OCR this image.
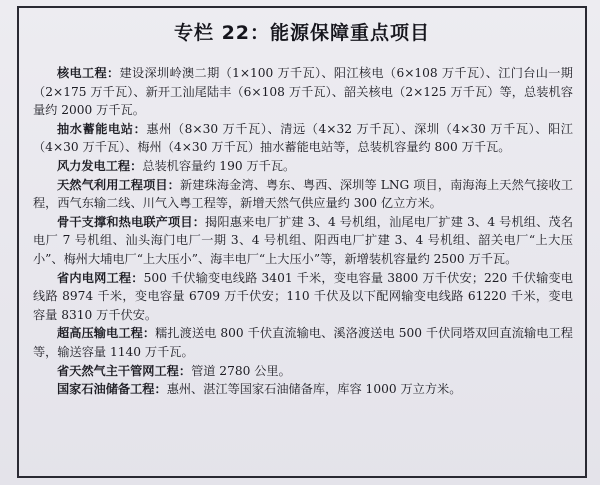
专栏 22：能源保障重点项目

核电工程：建设深圳岭澳二期（1×100 万千瓦）、阳江核电（6×108 万千瓦）、江门台山一期（2×175 万千瓦）、新开工汕尾陆丰（6×108 万千瓦）、韶关核电（2×125 万千瓦）等，总装机容量约 2000 万千瓦。

抽水蓄能电站：惠州（8×30 万千瓦）、清远（4×32 万千瓦）、深圳（4×30 万千瓦）、阳江（4×30 万千瓦）、梅州（4×30 万千瓦）抽水蓄能电站等，总装机容量约 800 万千瓦。

风力发电工程：总装机容量约 190 万千瓦。

天然气利用工程项目：新建珠海金湾、粤东、粤西、深圳等 LNG 项目，南海海上天然气接收工程，西气东输二线、川气入粤工程等，新增天然气供应量约 300 亿立方米。

骨干支撑和热电联产项目：揭阳惠来电厂扩建 3、4 号机组，汕尾电厂扩建 3、4 号机组、茂名电厂 7 号机组、汕头海门电厂一期 3、4 号机组、阳西电厂扩建 3、4 号机组、韶关电厂“上大压小”、梅州大埔电厂“上大压小”、海丰电厂“上大压小”等，新增装机容量约 2500 万千瓦。

省内电网工程：500 千伏输变电线路 3401 千米，变电容量 3800 万千伏安；220 千伏输变电线路 8974 千米，变电容量 6709 万千伏安；110 千伏及以下配网输变电线路 61220 千米，变电容量 8310 万千伏安。

超高压输电工程：糯扎渡送电 800 千伏直流输电、溪洛渡送电 500 千伏同塔双回直流输电工程等，输送容量 1140 万千瓦。

省天然气主干管网工程：管道 2780 公里。

国家石油储备工程：惠州、湛江等国家石油储备库，库容 1000 万立方米。
